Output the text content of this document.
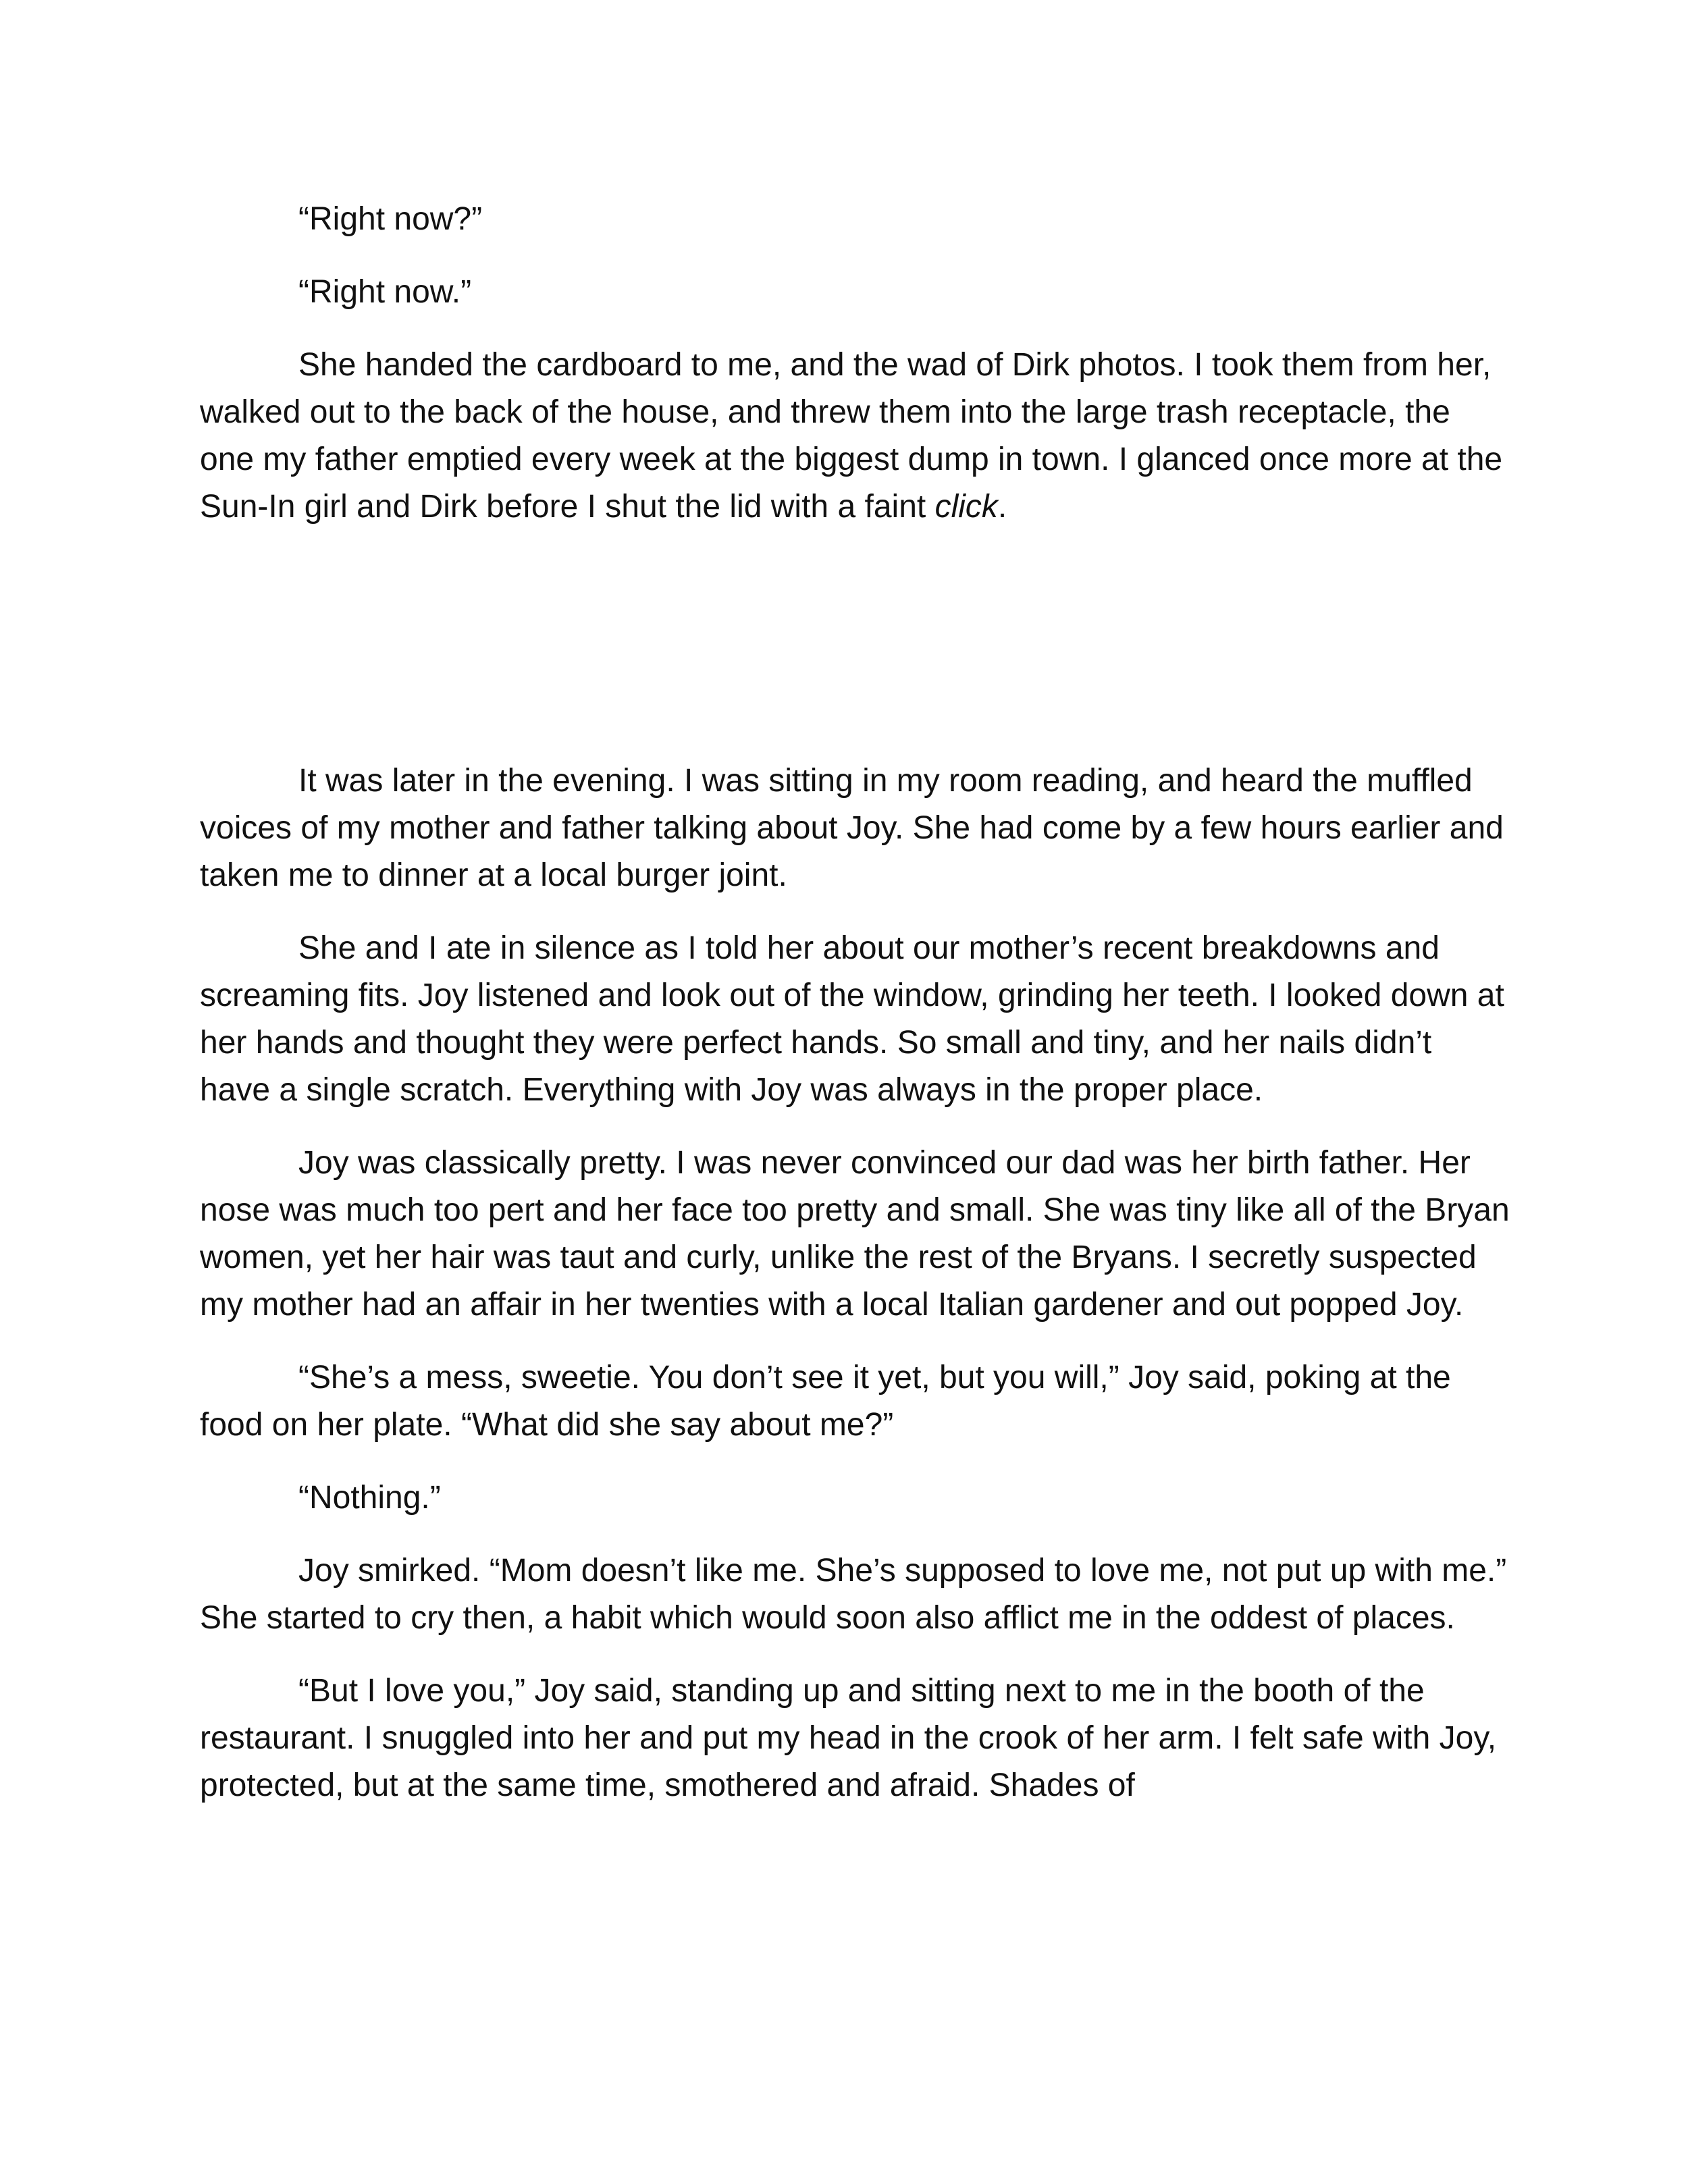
“Right now?”

“Right now.”

She handed the cardboard to me, and the wad of Dirk photos. I took them from her, walked out to the back of the house, and threw them into the large trash receptacle, the one my father emptied every week at the biggest dump in town. I glanced once more at the Sun-In girl and Dirk before I shut the lid with a faint click.

It was later in the evening. I was sitting in my room reading, and heard the muffled voices of my mother and father talking about Joy. She had come by a few hours earlier and taken me to dinner at a local burger joint.

She and I ate in silence as I told her about our mother’s recent breakdowns and screaming fits. Joy listened and look out of the window, grinding her teeth. I looked down at her hands and thought they were perfect hands. So small and tiny, and her nails didn’t have a single scratch. Everything with Joy was always in the proper place.

Joy was classically pretty. I was never convinced our dad was her birth father. Her nose was much too pert and her face too pretty and small. She was tiny like all of the Bryan women, yet her hair was taut and curly, unlike the rest of the Bryans. I secretly suspected my mother had an affair in her twenties with a local Italian gardener and out popped Joy.

“She’s a mess, sweetie. You don’t see it yet, but you will,” Joy said, poking at the food on her plate. “What did she say about me?”

“Nothing.”

Joy smirked. “Mom doesn’t like me. She’s supposed to love me, not put up with me.” She started to cry then, a habit which would soon also afflict me in the oddest of places.

“But I love you,” Joy said, standing up and sitting next to me in the booth of the restaurant. I snuggled into her and put my head in the crook of her arm. I felt safe with Joy, protected, but at the same time, smothered and afraid. Shades of
